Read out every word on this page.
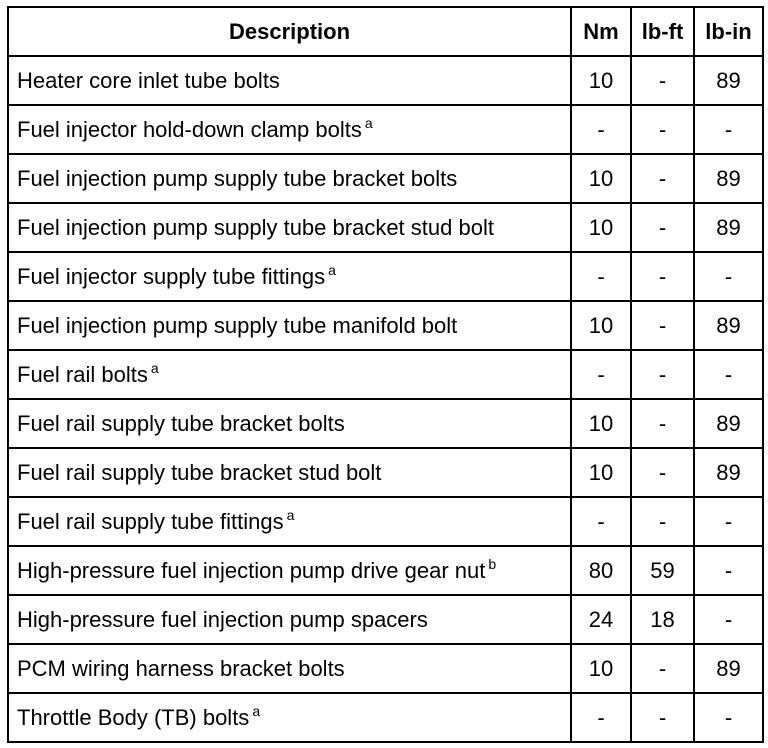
Description	Nm	lb-ft	lb-in
Heater core inlet tube bolts	10	-	89
Fuel injector hold-down clamp bolts $^a$	-	-	-
Fuel injection pump supply tube bracket bolts	10	-	89
Fuel injection pump supply tube bracket stud bolt	10	-	89
Fuel injector supply tube fittings $^a$	-	-	-
Fuel injection pump supply tube manifold bolt	10	-	89
Fuel rail bolts $^a$	-	-	-
Fuel rail supply tube bracket bolts	10	-	89
Fuel rail supply tube bracket stud bolt	10	-	89
Fuel rail supply tube fittings $^a$	-	-	-
High-pressure fuel injection pump drive gear nut $^b$	80	59	-
High-pressure fuel injection pump spacers	24	18	-
PCM wiring harness bracket bolts	10	-	89
Throttle Body (TB) bolts $^a$	-	-	-
